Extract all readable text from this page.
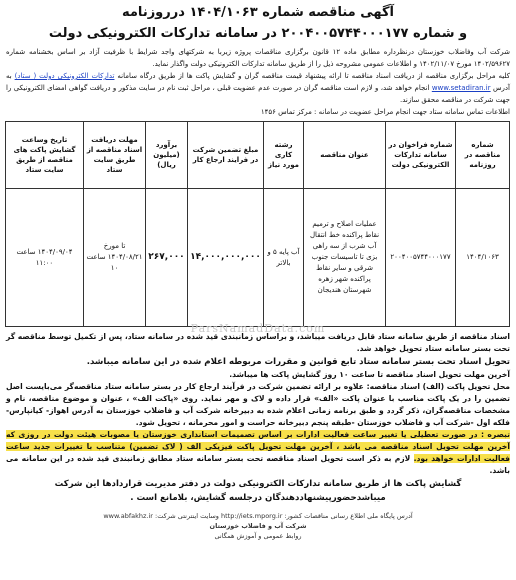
آگهی مناقصه شماره ۱۴۰۴/۱۰۶۳ درروزنامه
و شماره ۲۰۰۴۰۰۵۷۴۴۰۰۰۱۷۷ در سامانه تدارکات الکترونیکی دولت
شرکت آب وفاضلاب خوزستان درنظرداره مطابق ماده ۱۲ قانون برگزاری مناقصات پروژه زیربا به شرکتهای واجد شرایط با ظرفیت آزاد بر اساس بخشنامه شماره ۱۴۰۲/۵۹۶۲۷ مورخ ۱۴۰۲/۱۱/۰۷ و اطلاعات عمومی مشروحه ذیل را از طریق سامانه تدارکات الکترونیکی دولت واگذار نماید.
کلیه مراحل برگزاری مناقصه از دریافت اسناد مناقصه تا ارائه پیشنهاد قیمت مناقصه گران و گشایش پاکت ها از طریق درگاه سامانه تدارکات الکترونیکی دولت ( ستاد) به آدرس www.setadiran.ir انجام خواهد شد، و لازم است مناقصه گران در صورت عدم عضویت قبلی ، مراحل ثبت نام در سایت مذکور و دریافت گواهی امضای الکترونیکی را جهت شرکت در مناقصه محقق سازند.
اطلاعات تماس سامانه ستاد جهت انجام مراحل عضویت در سامانه : مرکز تماس ۱۴۵۶
شماره مناقصه در روزنامه	شماره فراخوان در سامانه تدارکات الکترونیکی دولت	عنوان مناقصه	رشته کاری مورد نیاز	مبلغ تضمین شرکت در فرایند ارجاع کار	برآورد (میلیون ریال)	مهلت دریافت اسناد مناقصه از طریق سایت ستاد	تاریخ وساعت گشایش پاکت های مناقصه از طریق سایت ستاد
۱۴۰۴/۱۰۶۳	۲۰۰۴۰۰۵۷۴۴۰۰۰۱۷۷	عملیات اصلاح و ترمیم نقاط پراکنده خط انتقال آب شرب از سه راهی بزی تا تاسیسات جنوب شرقی و سایر نقاط پراکنده شهر زهره شهرستان هندیجان	آب پایه ۵ و بالاتر	۱۴,۰۰۰,۰۰۰,۰۰۰	۲۶۷,۰۰۰	تا مورخ ۱۴۰۴/۰۸/۲۱ ساعت ۱۰	۱۴۰۴/۰۹/۰۴ ساعت ۱۱:۰۰
اسناد مناقصه از طریق سامانه ستاد قابل دریافت میباشد، و براساس زمانبندی قید شده در سامانه ستاد، پس از تکمیل توسط مناقصه گر تحت بستر سامانه ستاد تحویل خواهد شد.
تحویل اسناد تحت بستر سامانه ستاد تابع قوانین و مقررات مربوطه اعلام شده در این سامانه میباشد.
آخرین مهلت تحویل اسناد مناقصه تا ساعت ۱۰ روز گشایش پاکت ها میباشد.
محل تحویل پاکت (الف) اسناد مناقصه: علاوه بر ارائه تضمین شرکت در فرآیند ارجاع کار در بستر سامانه ستاد مناقصه‌گر می‌بایست اصل تضمین را در یک پاکت مناسب با عنوان پاکت «الف» قرار داده و لاک و مهر نماید. روی «پاکت الف» ، عنوان و موضوع مناقصه، نام و مشخصات مناقصه‌گران، ذکر گردد و طبق برنامه زمانی اعلام شده به دبیرخانه شرکت آب و فاضلاب خوزستان به آدرس اهواز- کیانپارس- فلکه اول -شرکت آب و فاضلاب خوزستان -طبقه پنجم دبیرخانه حراست و امور محرمانه ، تحویل شود.
تبصره : در صورت تعطیلی یا تغییر ساعت فعالیت ادارات بر اساس تصمیمات استانداری خوزستان یا مصوبات هیئت دولت در روزی که آخرین مهلت تحویل اسناد مناقصه می باشد ، آخرین مهلت تحویل پاکت فیزیکی الف ( لاک تضمین) متناسب با تغییرات جدید ساعت فعالیت ادارات خواهد بود. لازم به ذکر است تحویل اسناد مناقصه تحت بستر سامانه ستاد مطابق زمانبندی قید شده در این سامانه می باشد.
گشایش پاکت ها از طریق سامانه تدارکات الکترونیکی دولت در دفتر مدیریت قراردادها این شرکت میباشدحضورپیشنهاددهندگان درجلسه گشایش، بلامانع است .
آدرس پایگاه ملی اطلاع رسانی مناقصات کشور: http://iets.mporg.ir وسایت اینترنتی شرکت: www.abfakhz.ir
شرکت آب و فاضلاب خوزستان
روابط عمومی و آموزش همگانی
ParsNamadData.com
